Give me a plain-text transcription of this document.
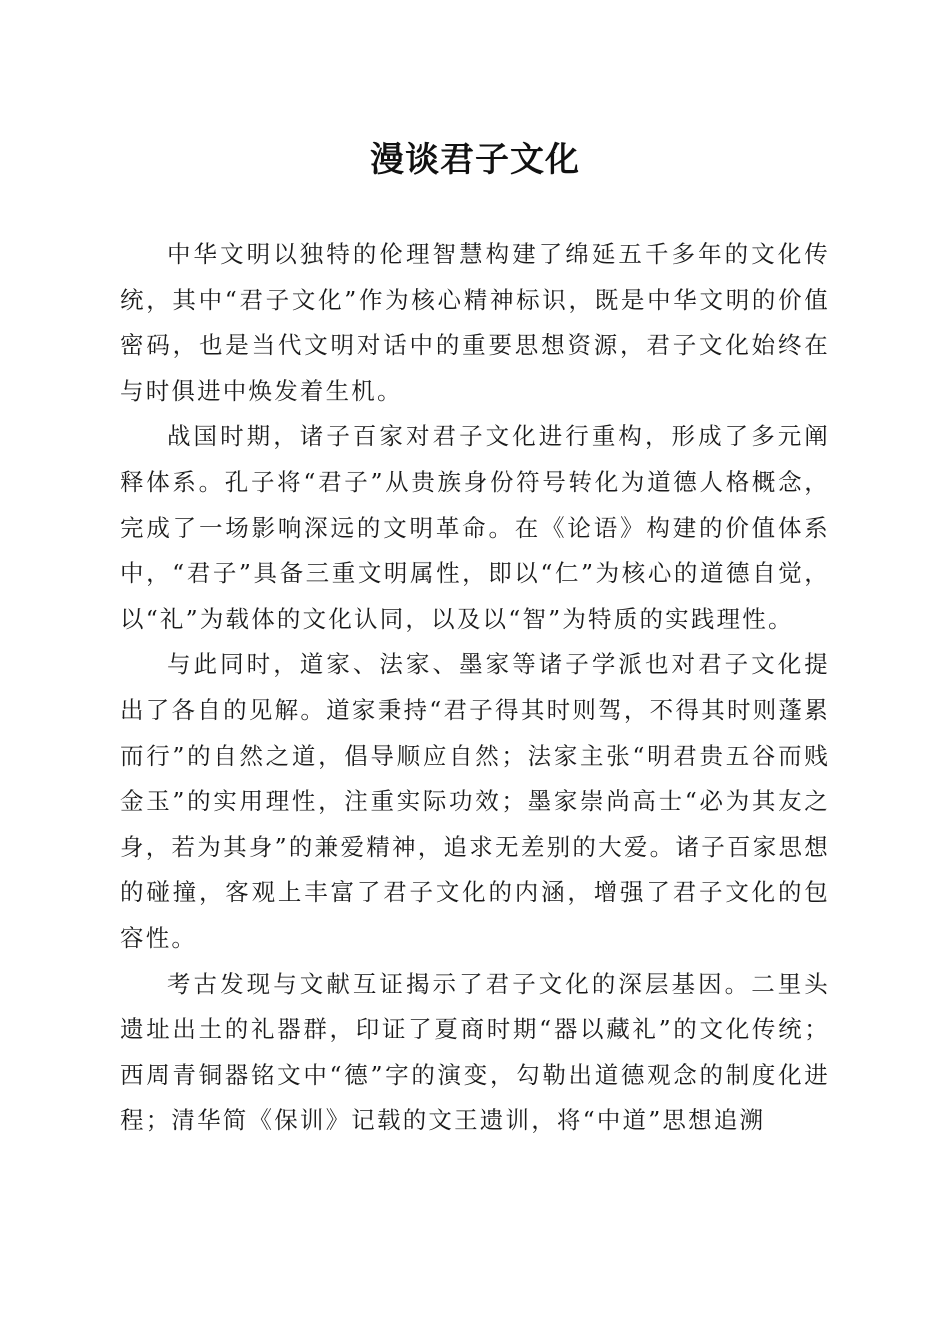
漫谈君子文化

中华文明以独特的伦理智慧构建了绵延五千多年的文化传统，其中“君子文化”作为核心精神标识，既是中华文明的价值密码，也是当代文明对话中的重要思想资源，君子文化始终在与时俱进中焕发着生机。

战国时期，诸子百家对君子文化进行重构，形成了多元阐释体系。孔子将“君子”从贵族身份符号转化为道德人格概念，完成了一场影响深远的文明革命。在《论语》构建的价值体系中，“君子”具备三重文明属性，即以“仁”为核心的道德自觉，以“礼”为载体的文化认同，以及以“智”为特质的实践理性。

与此同时，道家、法家、墨家等诸子学派也对君子文化提出了各自的见解。道家秉持“君子得其时则驾，不得其时则蓬累而行”的自然之道，倡导顺应自然；法家主张“明君贵五谷而贱金玉”的实用理性，注重实际功效；墨家崇尚高士“必为其友之身，若为其身”的兼爱精神，追求无差别的大爱。诸子百家思想的碰撞，客观上丰富了君子文化的内涵，增强了君子文化的包容性。

考古发现与文献互证揭示了君子文化的深层基因。二里头遗址出土的礼器群，印证了夏商时期“器以藏礼”的文化传统；西周青铜器铭文中“德”字的演变，勾勒出道德观念的制度化进程；清华简《保训》记载的文王遗训，将“中道”思想追溯
